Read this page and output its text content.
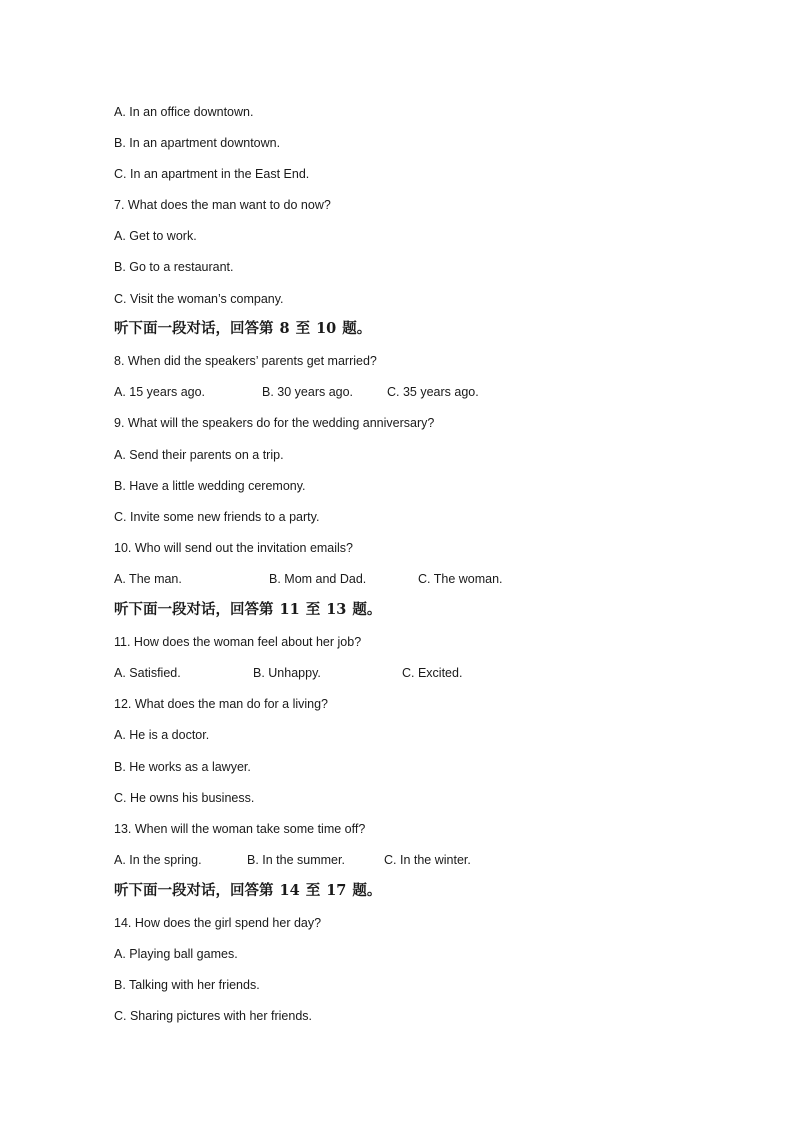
A. In an office downtown.
B. In an apartment downtown.
C. In an apartment in the East End.
7. What does the man want to do now?
A. Get to work.
B. Go to a restaurant.
C. Visit the woman’s company.
听下面一段对话，回答第 8 至 10 题。
8. When did the speakers’ parents get married?
A. 15 years ago.	B. 30 years ago.	C. 35 years ago.
9. What will the speakers do for the wedding anniversary?
A. Send their parents on a trip.
B. Have a little wedding ceremony.
C. Invite some new friends to a party.
10. Who will send out the invitation emails?
A. The man.	B. Mom and Dad.	C. The woman.
听下面一段对话，回答第 11 至 13 题。
11. How does the woman feel about her job?
A. Satisfied.	B. Unhappy.	C. Excited.
12. What does the man do for a living?
A. He is a doctor.
B. He works as a lawyer.
C. He owns his business.
13. When will the woman take some time off?
A. In the spring.	B. In the summer.	C. In the winter.
听下面一段对话，回答第 14 至 17 题。
14. How does the girl spend her day?
A. Playing ball games.
B. Talking with her friends.
C. Sharing pictures with her friends.
